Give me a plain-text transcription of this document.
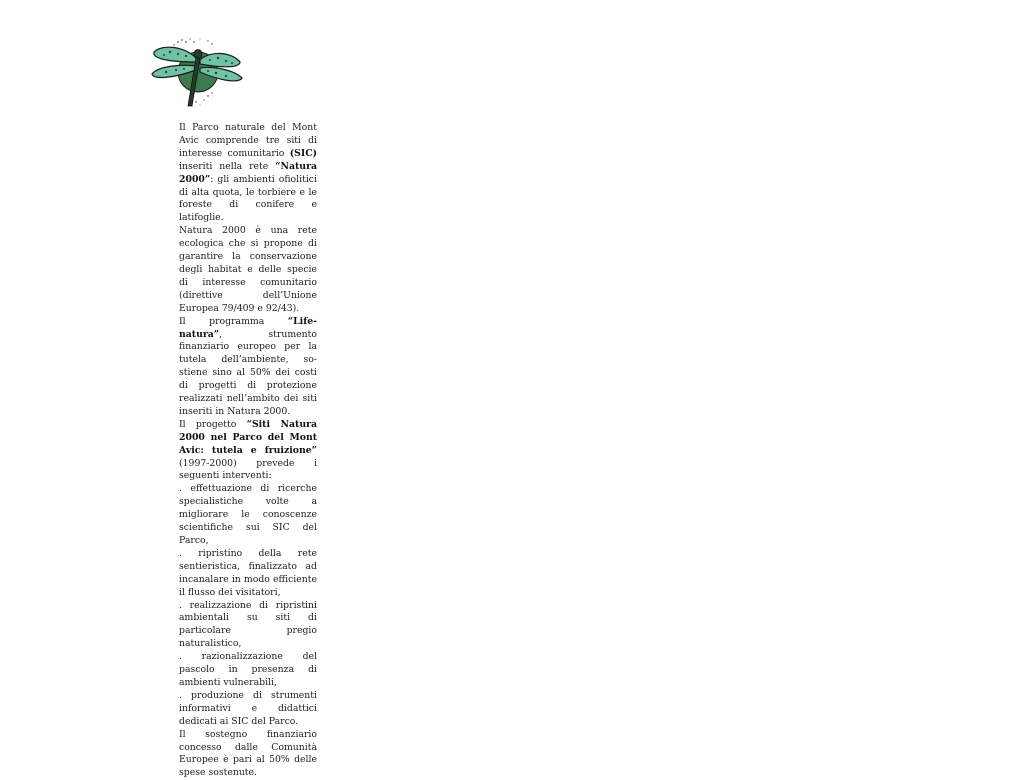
Il Parco naturale del Mont Avic comprende tre siti di interesse comunitario (SIC) inseriti nella rete “Natura 2000”: gli ambienti ofiolitici di alta quota, le torbiere e le foreste di conifere e latifoglie.

Natura 2000 è una rete ecologica che si propone di garantire la conservazione degli habitat e delle specie di interesse comunitario (direttive dell’Unione Europea 79/409 e 92/43).

Il programma “Life-natura”, strumento finanziario europeo per la tutela dell’ambiente, sostiene sino al 50% dei costi di progetti di protezione realizzati nell’ambito dei siti inseriti in Natura 2000.

Il progetto “Siti Natura 2000 nel Parco del Mont Avic: tutela e fruizione” (1997-2000) prevede i seguenti interventi:

. effettuazione di ricerche specialistiche volte a migliorare le conoscenze scientifiche sui SIC del Parco,

. ripristino della rete sentieristica, finalizzato ad incanalare in modo efficiente il flusso dei visitatori,

. realizzazione di ripristini ambientali su siti di particolare pregio naturalistico,

. razionalizzazione del pascolo in presenza di ambienti vulnerabili,

. produzione di strumenti informativi e didattici dedicati ai SIC del Parco.

Il sostegno finanziario concesso dalle Comunità Europee è pari al 50% delle spese sostenute.
